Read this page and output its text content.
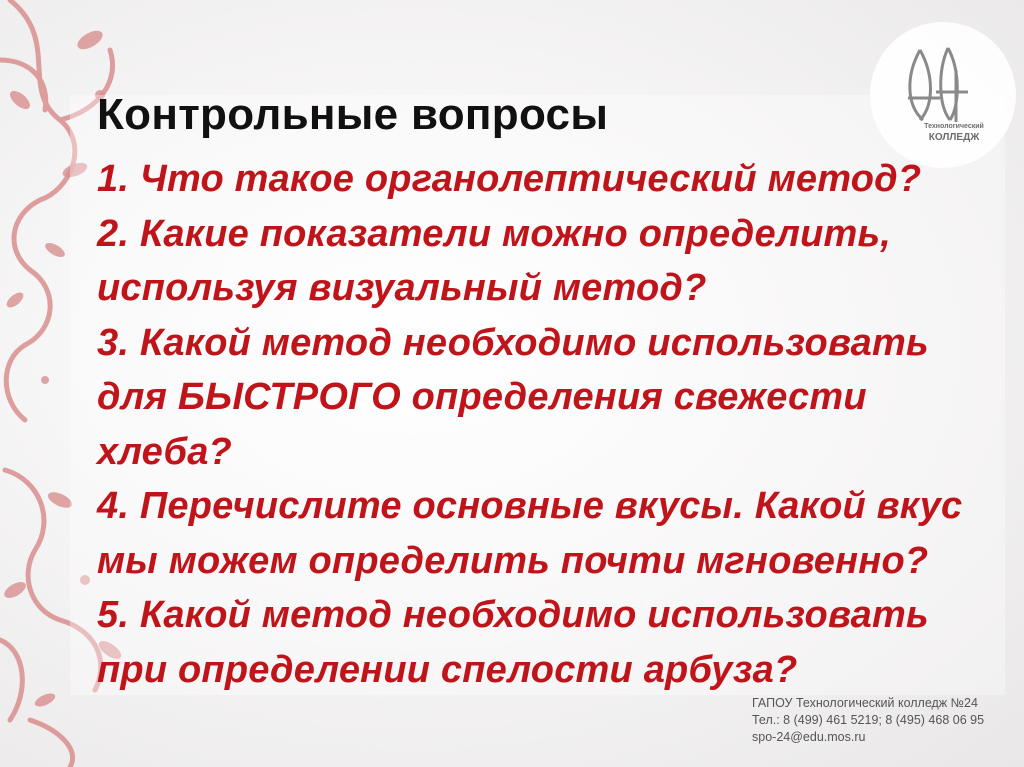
Технологический
КОЛЛЕДЖ
Контрольные вопросы
1. Что такое органолептический метод?
2. Какие показатели можно определить, используя визуальный метод?
3. Какой метод необходимо использовать для БЫСТРОГО определения свежести хлеба?
4. Перечислите основные вкусы. Какой вкус мы можем определить почти мгновенно?
5. Какой метод необходимо использовать при определении спелости арбуза?
ГАПОУ Технологический колледж №24
Тел.: 8 (499) 461 5219; 8 (495) 468 06 95
spo-24@edu.mos.ru
